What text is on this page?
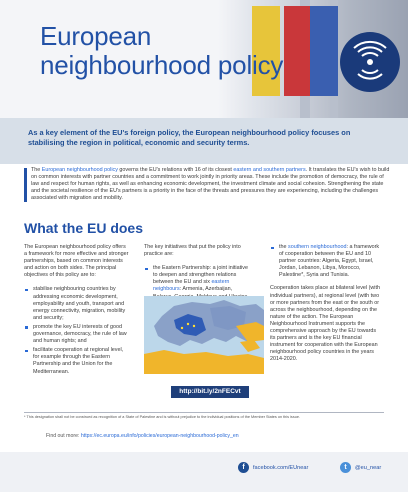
European neighbourhood policy

As a key element of the EU's foreign policy, the European neighbourhood policy focuses on stabilising the region in political, economic and security terms.

The European neighbourhood policy governs the EU's relations with 16 of its closest eastern and southern partners. It translates the EU's wish to build on common interests with partner countries and a commitment to work jointly in priority areas. These include the promotion of democracy, the rule of law and respect for human rights, as well as enhancing economic development, the investment climate and social cohesion. Strengthening the state and the societal resilience of the EU's partners is a priority in the face of the threats and pressures they are experiencing, including the challenges associated with migration and mobility.

What the EU does

The European neighbourhood policy offers a framework for more effective and stronger partnerships, based on common interests and action on both sides. The principal objectives of this policy are to:

stabilise neighbouring countries by addressing economic development, employability and youth, transport and energy connectivity, migration, mobility and security;
promote the key EU interests of good governance, democracy, the rule of law and human rights; and
facilitate cooperation at regional level, for example through the Eastern Partnership and the Union for the Mediterranean.

The key initiatives that put the policy into practice are:

the Eastern Partnership: a joint initiative to deepen and strengthen relations between the EU and six eastern neighbours: Armenia, Azerbaijan,
the southern neighbourhood: a framework of cooperation between the EU and 10 partner countries: Algeria, Egypt, Israel, Jordan, Lebanon, Libya, Morocco, Palestine*, Syria and Tunisia.

Cooperation takes place at bilateral level (with individual partners), at regional level (with two or more partners from the east or the south or across the neighbourhood, depending on the nature of the action. The European Neighbourhood Instrument supports the comprehensive approach by the EU towards its partners and is the key EU financial instrument for cooperation with the European neighbourhood policy countries in the years 2014-2020.

http://bit.ly/2nFECvt

* This designation shall not be construed as recognition of a State of Palestine and is without prejudice to the individual positions of the Member States on this issue.

Find out more: https://ec.europa.eu/info/policies/european-neighbourhood-policy_en

f	facebook.com/EUnear	t	@eu_near
